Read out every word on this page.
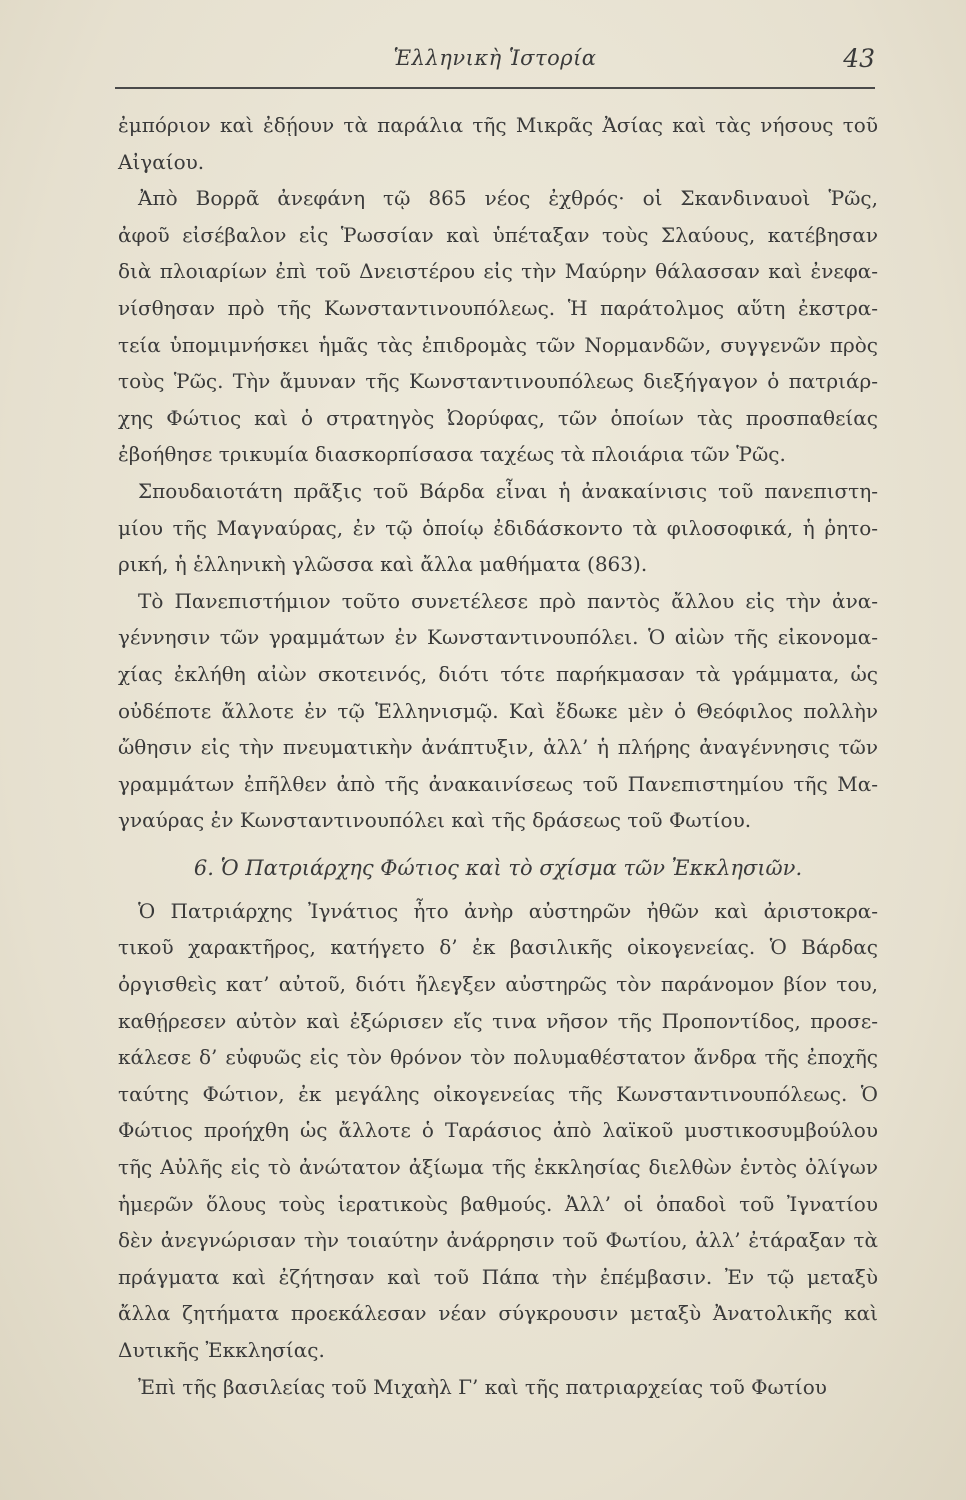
Ἑλληνικὴ Ἱστορία	43

ἐμπόριον καὶ ἐδῄουν τὰ παράλια τῆς Μικρᾶς Ἀσίας καὶ τὰς νήσους τοῦ
Αἰγαίου.

Ἀπὸ Βορρᾶ ἀνεφάνη τῷ 865 νέος ἐχθρός· οἱ Σκανδιναυοὶ Ῥῶς,
ἀφοῦ εἰσέβαλον εἰς Ῥωσσίαν καὶ ὑπέταξαν τοὺς Σλαύους, κατέβησαν
διὰ πλοιαρίων ἐπὶ τοῦ Δνειστέρου εἰς τὴν Μαύρην θάλασσαν καὶ ἐνεφα-
νίσθησαν πρὸ τῆς Κωνσταντινουπόλεως. Ἡ παράτολμος αὕτη ἐκστρα-
τεία ὑπομιμνήσκει ἡμᾶς τὰς ἐπιδρομὰς τῶν Νορμανδῶν, συγγενῶν πρὸς
τοὺς Ῥῶς. Τὴν ἄμυναν τῆς Κωνσταντινουπόλεως διεξήγαγον ὁ πατριάρ-
χης Φώτιος καὶ ὁ στρατηγὸς Ὠορύφας, τῶν ὁποίων τὰς προσπαθείας
ἐβοήθησε τρικυμία διασκορπίσασα ταχέως τὰ πλοιάρια τῶν Ῥῶς.

Σπουδαιοτάτη πρᾶξις τοῦ Βάρδα εἶναι ἡ ἀνακαίνισις τοῦ πανεπιστη-
μίου τῆς Μαγναύρας, ἐν τῷ ὁποίῳ ἐδιδάσκοντο τὰ φιλοσοφικά, ἡ ῥητο-
ρική, ἡ ἑλληνικὴ γλῶσσα καὶ ἄλλα μαθήματα (863).

Τὸ Πανεπιστήμιον τοῦτο συνετέλεσε πρὸ παντὸς ἄλλου εἰς τὴν ἀνα-
γέννησιν τῶν γραμμάτων ἐν Κωνσταντινουπόλει. Ὁ αἰὼν τῆς εἰκονομα-
χίας ἐκλήθη αἰὼν σκοτεινός, διότι τότε παρήκμασαν τὰ γράμματα, ὡς
οὐδέποτε ἄλλοτε ἐν τῷ Ἑλληνισμῷ. Καὶ ἔδωκε μὲν ὁ Θεόφιλος πολλὴν
ὤθησιν εἰς τὴν πνευματικὴν ἀνάπτυξιν, ἀλλ’ ἡ πλήρης ἀναγέννησις τῶν
γραμμάτων ἐπῆλθεν ἀπὸ τῆς ἀνακαινίσεως τοῦ Πανεπιστημίου τῆς Μα-
γναύρας ἐν Κωνσταντινουπόλει καὶ τῆς δράσεως τοῦ Φωτίου.

6. Ὁ Πατριάρχης Φώτιος καὶ τὸ σχίσμα τῶν Ἐκκλησιῶν.

Ὁ Πατριάρχης Ἰγνάτιος ἦτο ἀνὴρ αὐστηρῶν ἠθῶν καὶ ἀριστοκρα-
τικοῦ χαρακτῆρος, κατήγετο δ’ ἐκ βασιλικῆς οἰκογενείας. Ὁ Βάρδας
ὀργισθεὶς κατ’ αὐτοῦ, διότι ἤλεγξεν αὐστηρῶς τὸν παράνομον βίον του,
καθῄρεσεν αὐτὸν καὶ ἐξώρισεν εἴς τινα νῆσον τῆς Προποντίδος, προσε-
κάλεσε δ’ εὐφυῶς εἰς τὸν θρόνον τὸν πολυμαθέστατον ἄνδρα τῆς ἐποχῆς
ταύτης Φώτιον, ἐκ μεγάλης οἰκογενείας τῆς Κωνσταντινουπόλεως. Ὁ
Φώτιος προήχθη ὡς ἄλλοτε ὁ Ταράσιος ἀπὸ λαϊκοῦ μυστικοσυμβούλου
τῆς Αὐλῆς εἰς τὸ ἀνώτατον ἀξίωμα τῆς ἐκκλησίας διελθὼν ἐντὸς ὀλίγων
ἡμερῶν ὅλους τοὺς ἱερατικοὺς βαθμούς. Ἀλλ’ οἱ ὀπαδοὶ τοῦ Ἰγνατίου
δὲν ἀνεγνώρισαν τὴν τοιαύτην ἀνάρρησιν τοῦ Φωτίου, ἀλλ’ ἐτάραξαν τὰ
πράγματα καὶ ἐζήτησαν καὶ τοῦ Πάπα τὴν ἐπέμβασιν. Ἐν τῷ μεταξὺ
ἄλλα ζητήματα προεκάλεσαν νέαν σύγκρουσιν μεταξὺ Ἀνατολικῆς καὶ
Δυτικῆς Ἐκκλησίας.

Ἐπὶ τῆς βασιλείας τοῦ Μιχαὴλ Γ’ καὶ τῆς πατριαρχείας τοῦ Φωτίου
